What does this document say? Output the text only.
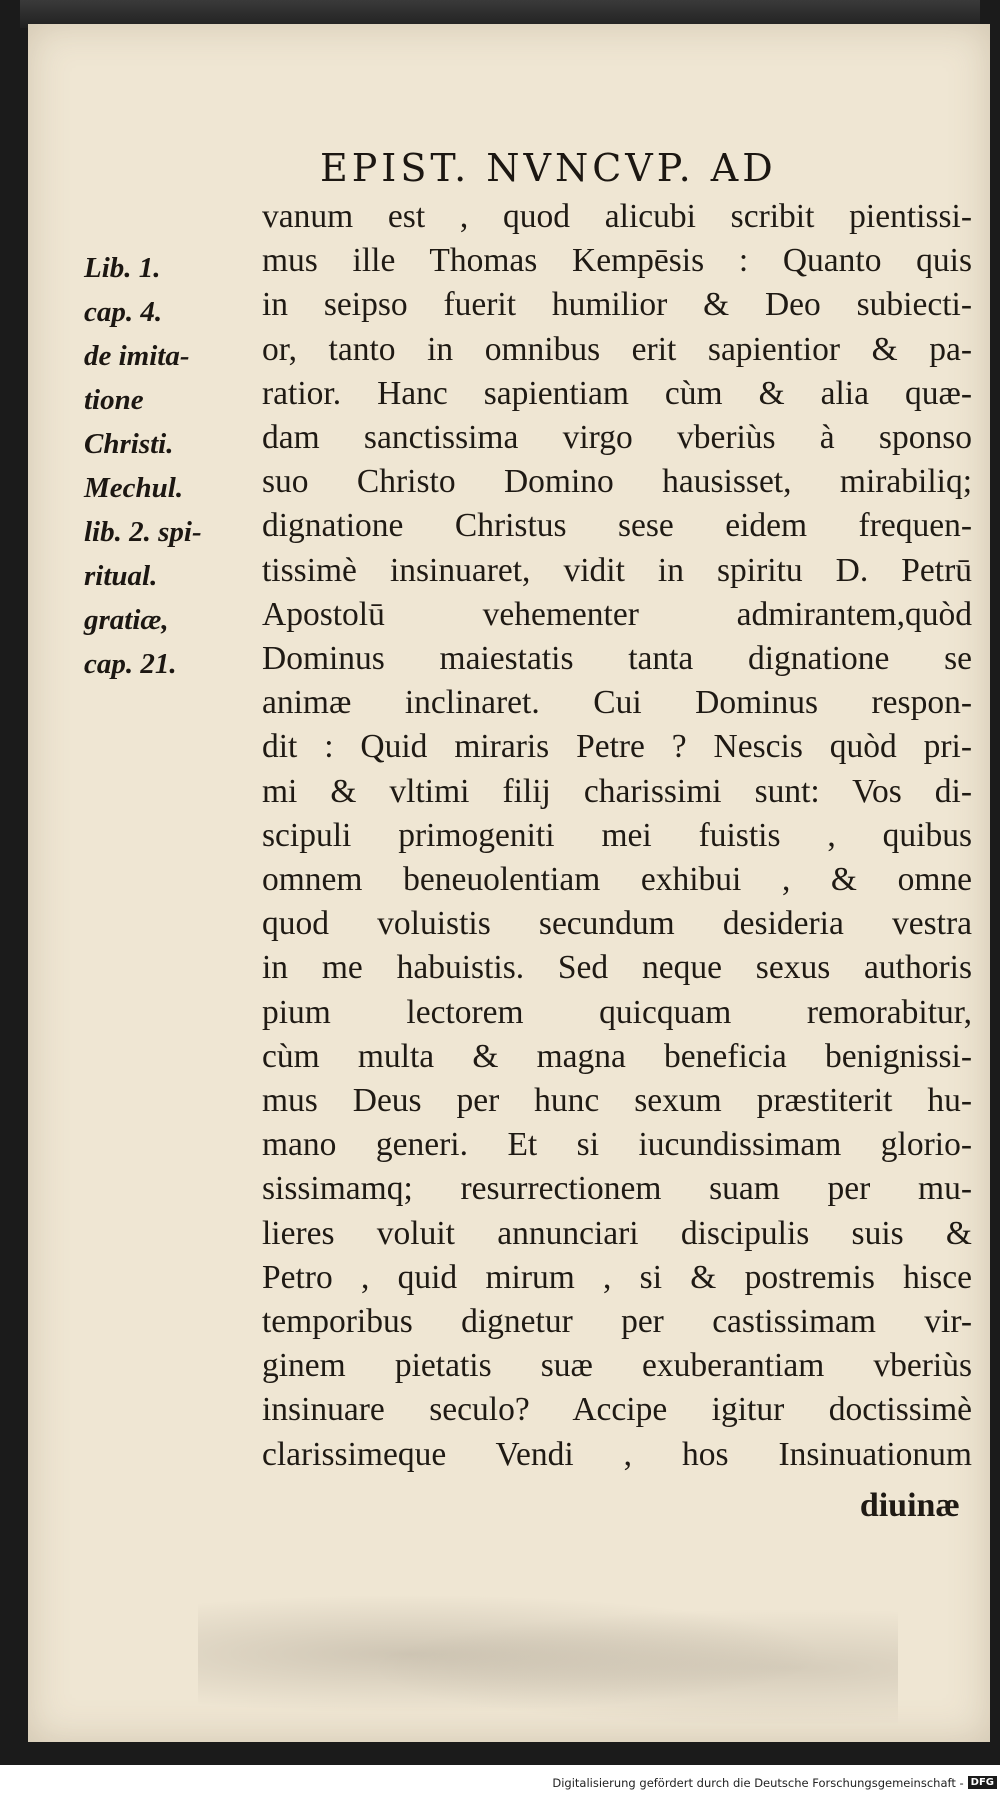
EPIST. NVNCVP. AD
Lib. 1.
cap. 4.
de imita-
tione
Christi.
Mechul.
lib. 2. spi-
ritual.
gratiæ,
cap. 21.
vanum est , quod alicubi scribit pientissi-
mus ille Thomas Kempēsis : Quanto quis
in seipso fuerit humilior & Deo subiecti-
or, tanto in omnibus erit sapientior & pa-
ratior. Hanc sapientiam cùm & alia quæ-
dam sanctissima virgo vberiùs à sponso
suo Christo Domino hausisset, mirabiliq;
dignatione Christus sese eidem frequen-
tissimè insinuaret, vidit in spiritu D. Petrū
Apostolū vehementer admirantem,quòd
Dominus maiestatis tanta dignatione se
animæ inclinaret. Cui Dominus respon-
dit : Quid miraris Petre ? Nescis quòd pri-
mi & vltimi filij charissimi sunt: Vos di-
scipuli primogeniti mei fuistis , quibus
omnem beneuolentiam exhibui , & omne
quod voluistis secundum desideria vestra
in me habuistis. Sed neque sexus authoris
pium lectorem quicquam remorabitur,
cùm multa & magna beneficia benignissi-
mus Deus per hunc sexum præstiterit hu-
mano generi. Et si iucundissimam glorio-
sissimamq; resurrectionem suam per mu-
lieres voluit annunciari discipulis suis &
Petro , quid mirum , si & postremis hisce
temporibus dignetur per castissimam vir-
ginem pietatis suæ exuberantiam vberiùs
insinuare seculo? Accipe igitur doctissimè
clarissimeque Vendi , hos Insinuationum
diuinæ
Digitalisierung gefördert durch die Deutsche Forschungsgemeinschaft - DFG
